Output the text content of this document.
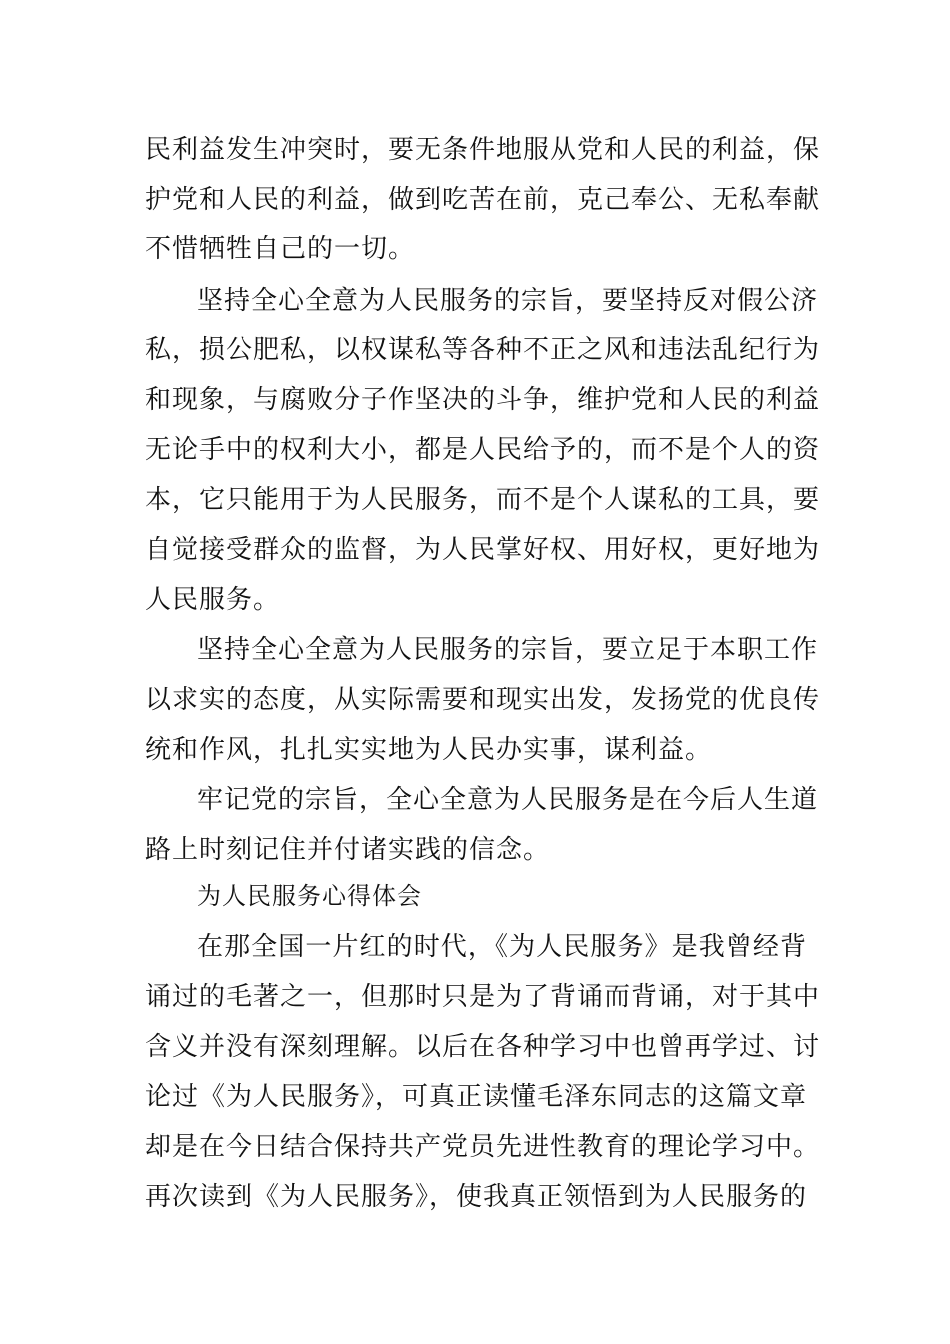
民利益发生冲突时，要无条件地服从党和人民的利益，保
护党和人民的利益，做到吃苦在前，克己奉公、无私奉献
不惜牺牲自己的一切。
坚持全心全意为人民服务的宗旨，要坚持反对假公济
私，损公肥私，以权谋私等各种不正之风和违法乱纪行为
和现象，与腐败分子作坚决的斗争，维护党和人民的利益
无论手中的权利大小，都是人民给予的，而不是个人的资
本，它只能用于为人民服务，而不是个人谋私的工具，要
自觉接受群众的监督，为人民掌好权、用好权，更好地为
人民服务。
坚持全心全意为人民服务的宗旨，要立足于本职工作
以求实的态度，从实际需要和现实出发，发扬党的优良传
统和作风，扎扎实实地为人民办实事，谋利益。
牢记党的宗旨，全心全意为人民服务是在今后人生道
路上时刻记住并付诸实践的信念。
为人民服务心得体会
在那全国一片红的时代，《为人民服务》是我曾经背
诵过的毛著之一，但那时只是为了背诵而背诵，对于其中
含义并没有深刻理解。以后在各种学习中也曾再学过、讨
论过《为人民服务》，可真正读懂毛泽东同志的这篇文章
却是在今日结合保持共产党员先进性教育的理论学习中。
再次读到《为人民服务》，使我真正领悟到为人民服务的
